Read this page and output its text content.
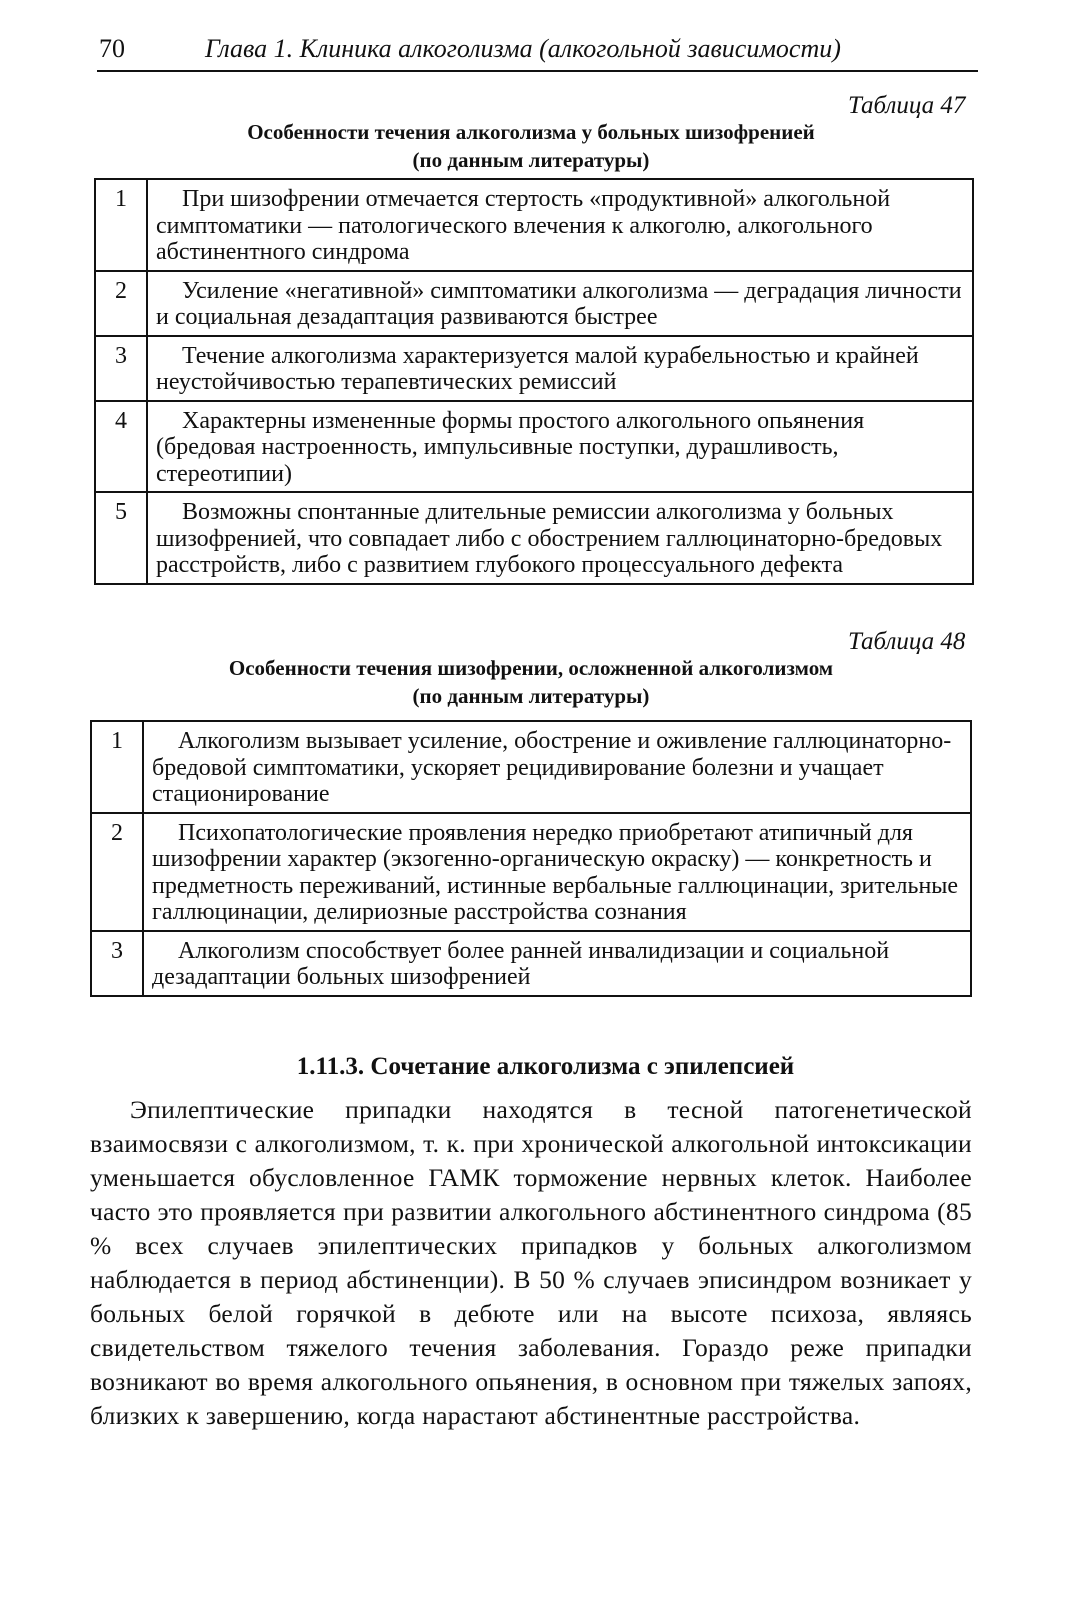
70	Глава 1. Клиника алкоголизма (алкогольной зависимости)
Таблица 47
Особенности течения алкоголизма у больных шизофренией
(по данным литературы)
1	При шизофрении отмечается стертость «продуктивной» алкогольной симптоматики — патологического влечения к алкоголю, алкогольного абстинентного синдрома
2	Усиление «негативной» симптоматики алкоголизма — деградация личности и социальная дезадаптация развиваются быстрее
3	Течение алкоголизма характеризуется малой курабельностью и крайней неустойчивостью терапевтических ремиссий
4	Характерны измененные формы простого алкогольного опьянения (бредовая настроенность, импульсивные поступки, дурашливость, стереотипии)
5	Возможны спонтанные длительные ремиссии алкоголизма у больных шизофренией, что совпадает либо с обострением галлюцинаторно-бредовых расстройств, либо с развитием глубокого процессуального дефекта
Таблица 48
Особенности течения шизофрении, осложненной алкоголизмом
(по данным литературы)
1	Алкоголизм вызывает усиление, обострение и оживление галлюцинаторно-бредовой симптоматики, ускоряет рецидивирование болезни и учащает стационирование
2	Психопатологические проявления нередко приобретают атипичный для шизофрении характер (экзогенно-органическую окраску) — конкретность и предметность переживаний, истинные вербальные галлюцинации, зрительные галлюцинации, делириозные расстройства сознания
3	Алкоголизм способствует более ранней инвалидизации и социальной дезадаптации больных шизофренией
1.11.3. Сочетание алкоголизма с эпилепсией
Эпилептические припадки находятся в тесной патогенетической взаимосвязи с алкоголизмом, т. к. при хронической алкогольной интоксикации уменьшается обусловленное ГАМК торможение нервных клеток. Наиболее часто это проявляется при развитии алкогольного абстинентного синдрома (85 % всех случаев эпилептических припадков у больных алкоголизмом наблюдается в период абстиненции). В 50 % случаев эписиндром возникает у больных белой горячкой в дебюте или на высоте психоза, являясь свидетельством тяжелого течения заболевания. Гораздо реже припадки возникают во время алкогольного опьянения, в основном при тяжелых запоях, близких к завершению, когда нарастают абстинентные расстройства.
